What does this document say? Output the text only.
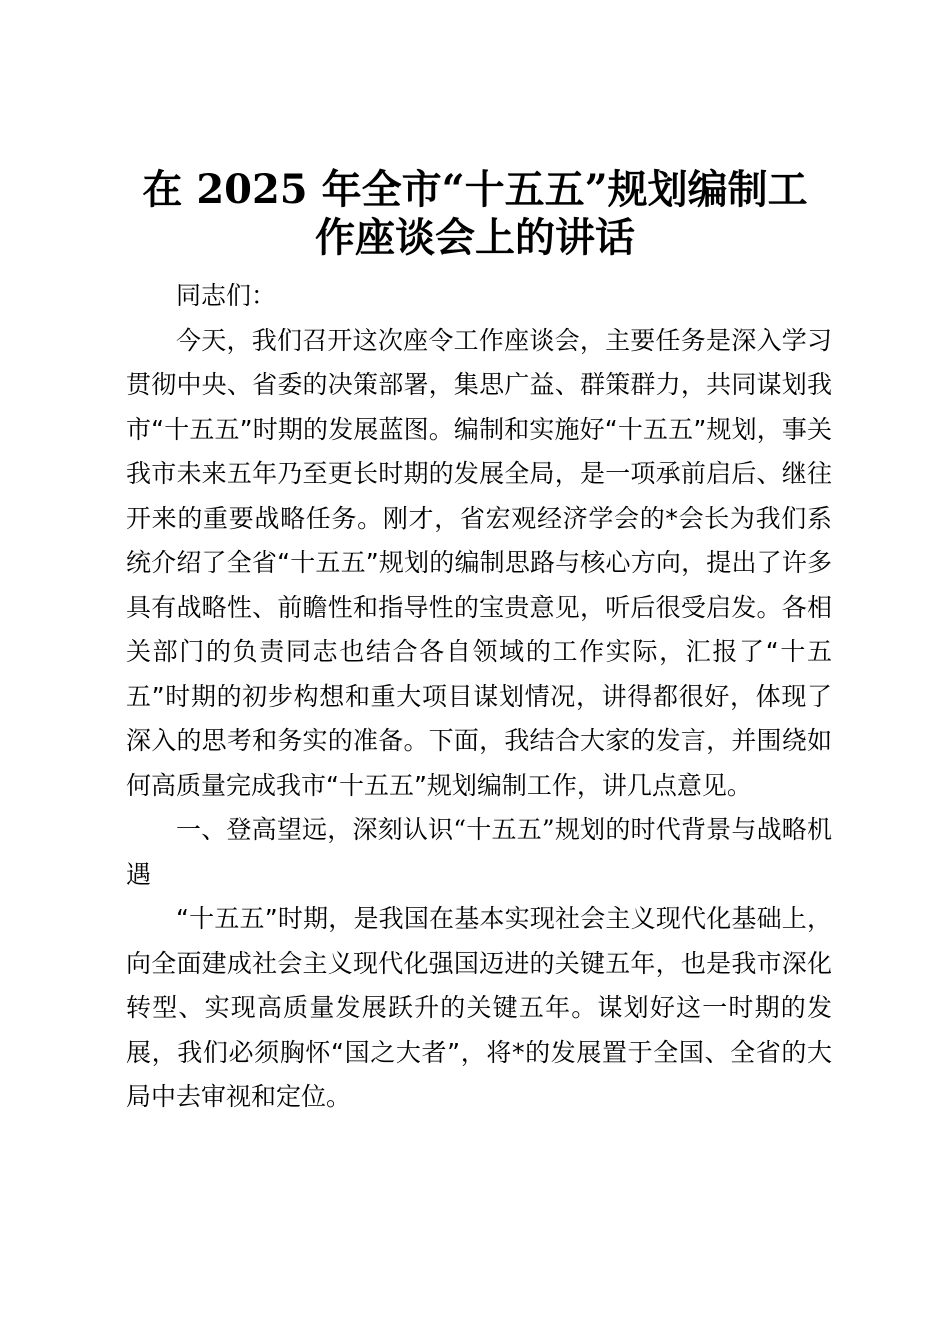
在 2025 年全市“十五五”规划编制工
作座谈会上的讲话

同志们：

今天，我们召开这次座令工作座谈会，主要任务是深入学习贯彻中央、省委的决策部署，集思广益、群策群力，共同谋划我市“十五五”时期的发展蓝图。编制和实施好“十五五”规划，事关我市未来五年乃至更长时期的发展全局，是一项承前启后、继往开来的重要战略任务。刚才，省宏观经济学会的*会长为我们系统介绍了全省“十五五”规划的编制思路与核心方向，提出了许多具有战略性、前瞻性和指导性的宝贵意见，听后很受启发。各相关部门的负责同志也结合各自领域的工作实际，汇报了“十五五”时期的初步构想和重大项目谋划情况，讲得都很好，体现了深入的思考和务实的准备。下面，我结合大家的发言，并围绕如何高质量完成我市“十五五”规划编制工作，讲几点意见。

一、登高望远，深刻认识“十五五”规划的时代背景与战略机遇

“十五五”时期，是我国在基本实现社会主义现代化基础上，向全面建成社会主义现代化强国迈进的关键五年，也是我市深化转型、实现高质量发展跃升的关键五年。谋划好这一时期的发展，我们必须胸怀“国之大者”，将*的发展置于全国、全省的大局中去审视和定位。
